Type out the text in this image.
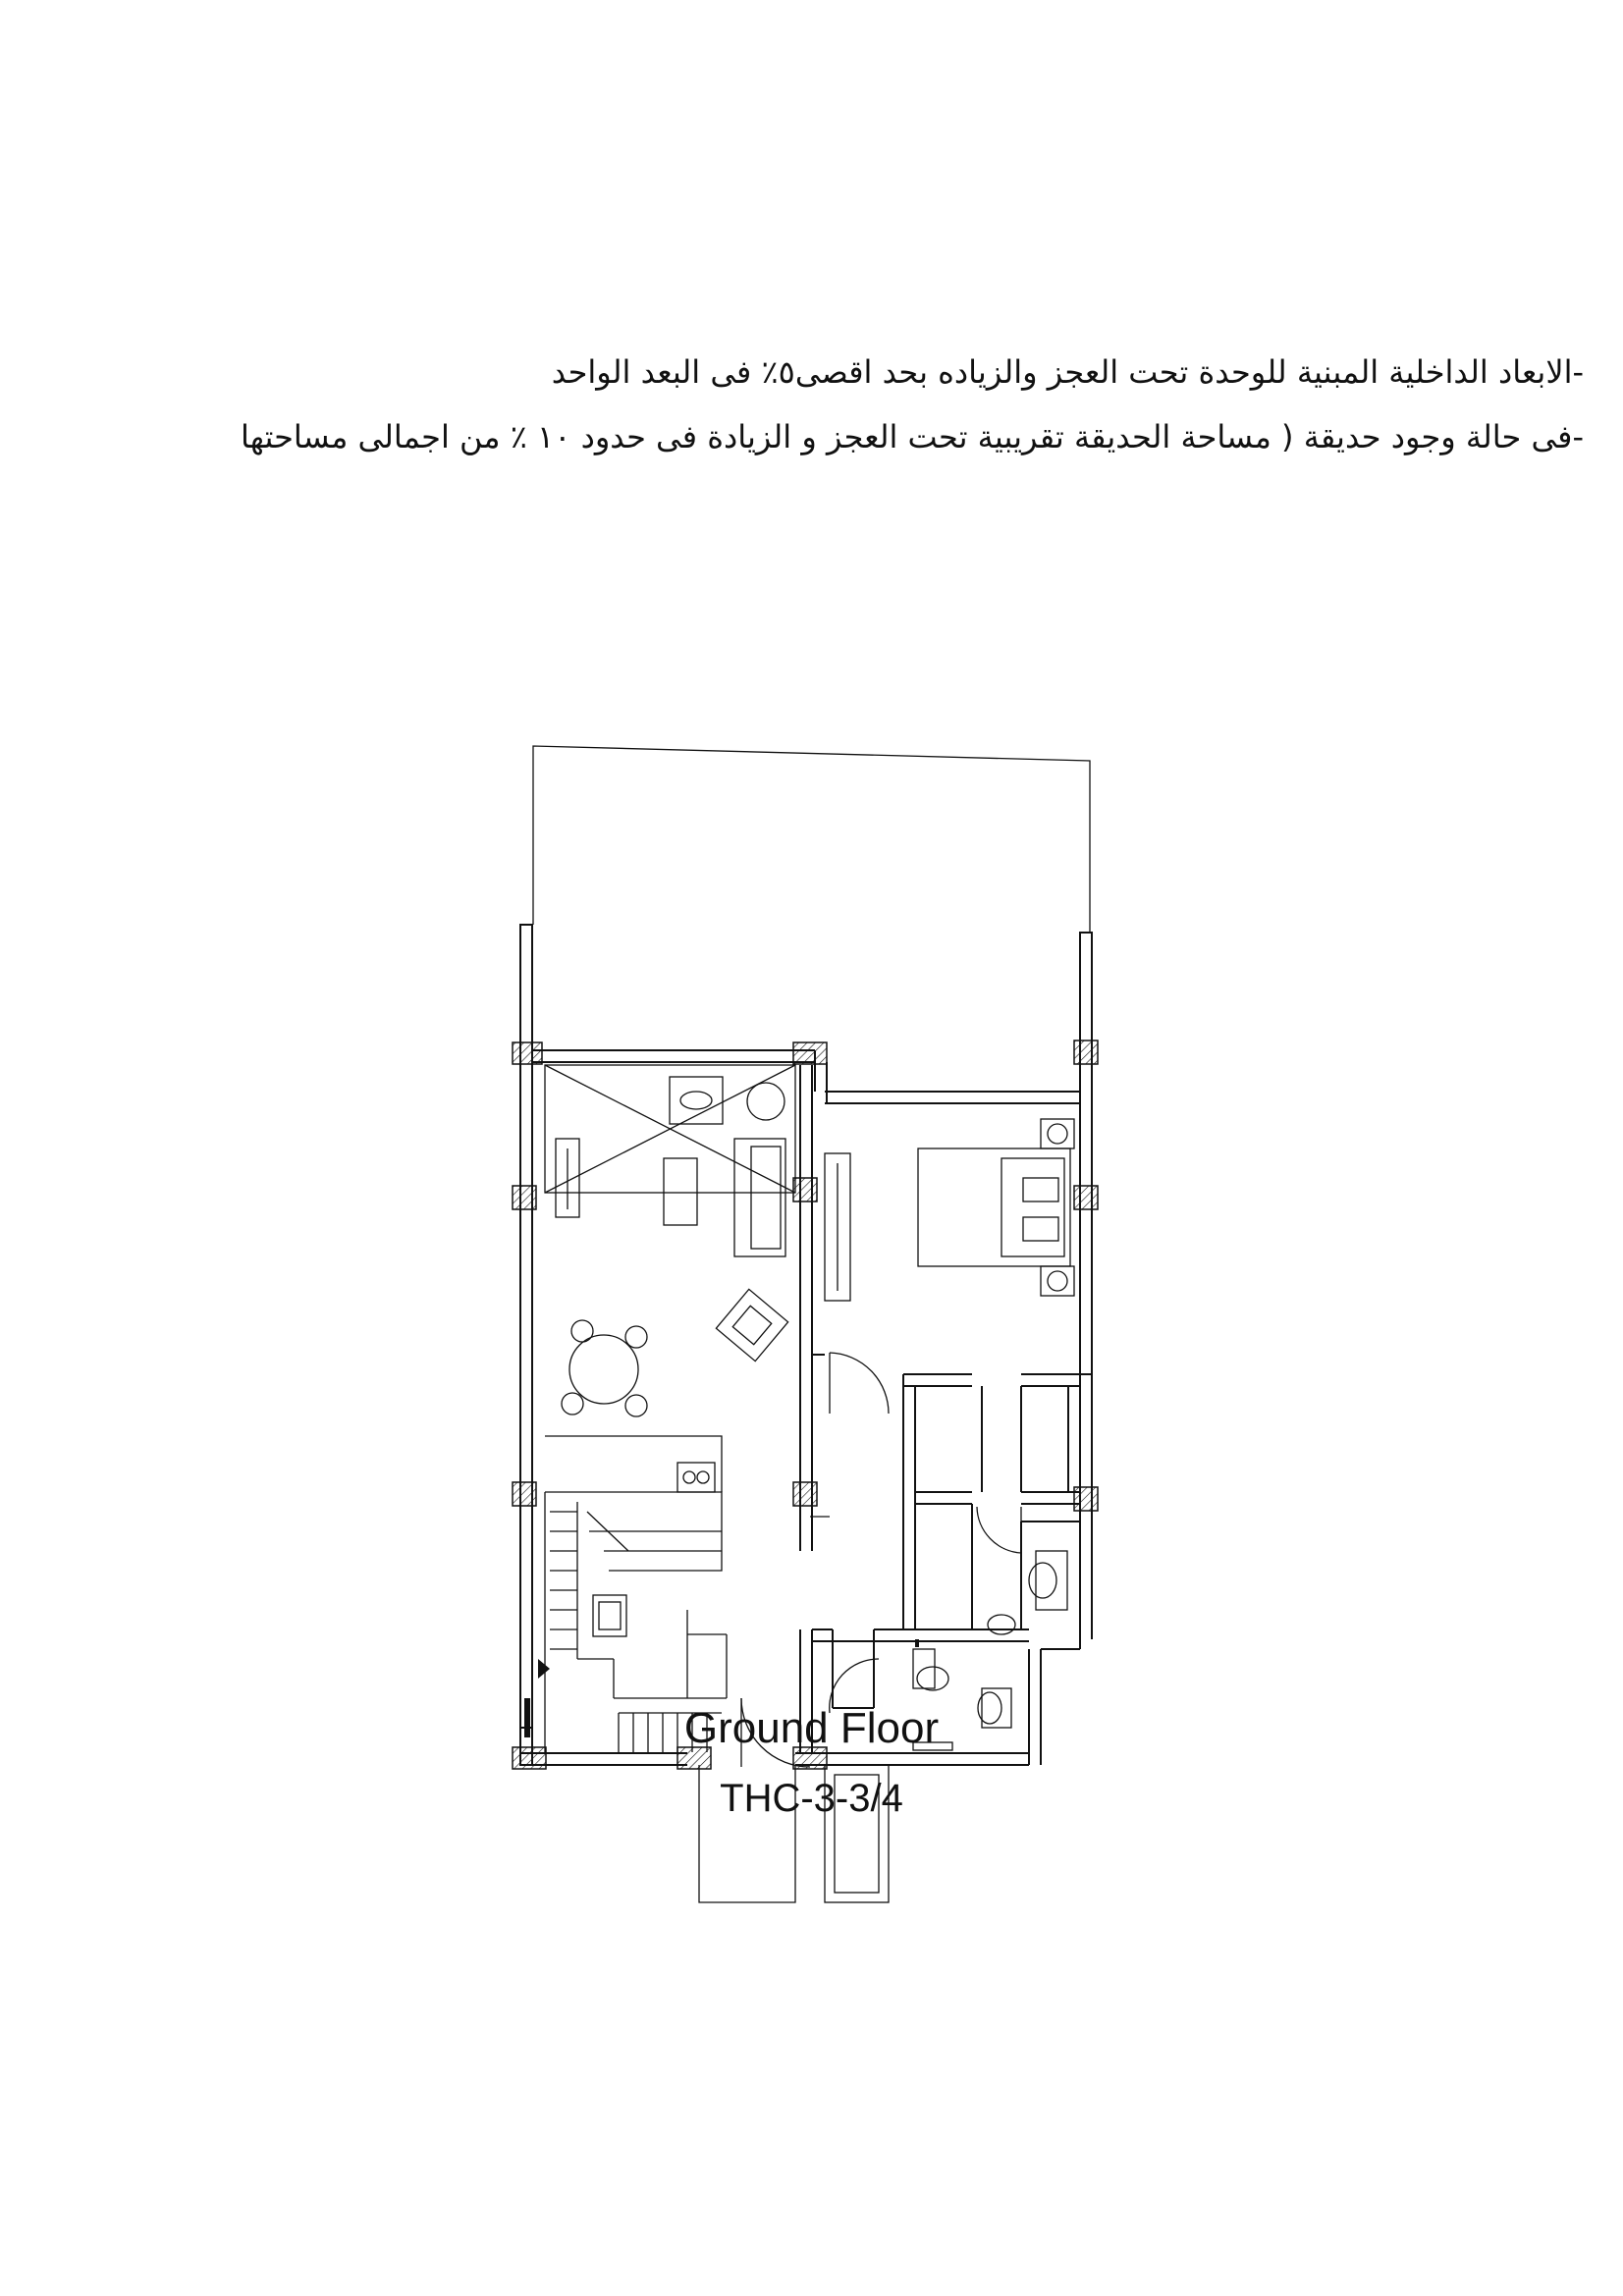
-الابعاد الداخلية المبنية للوحدة تحت العجز والزياده بحد اقصى٥٪ فى البعد الواحد
-فى حالة وجود حديقة ( مساحة الحديقة تقريبية تحت العجز و الزيادة فى حدود ١٠ ٪ من اجمالى مساحتها
Ground Floor
THC-3-3/4
